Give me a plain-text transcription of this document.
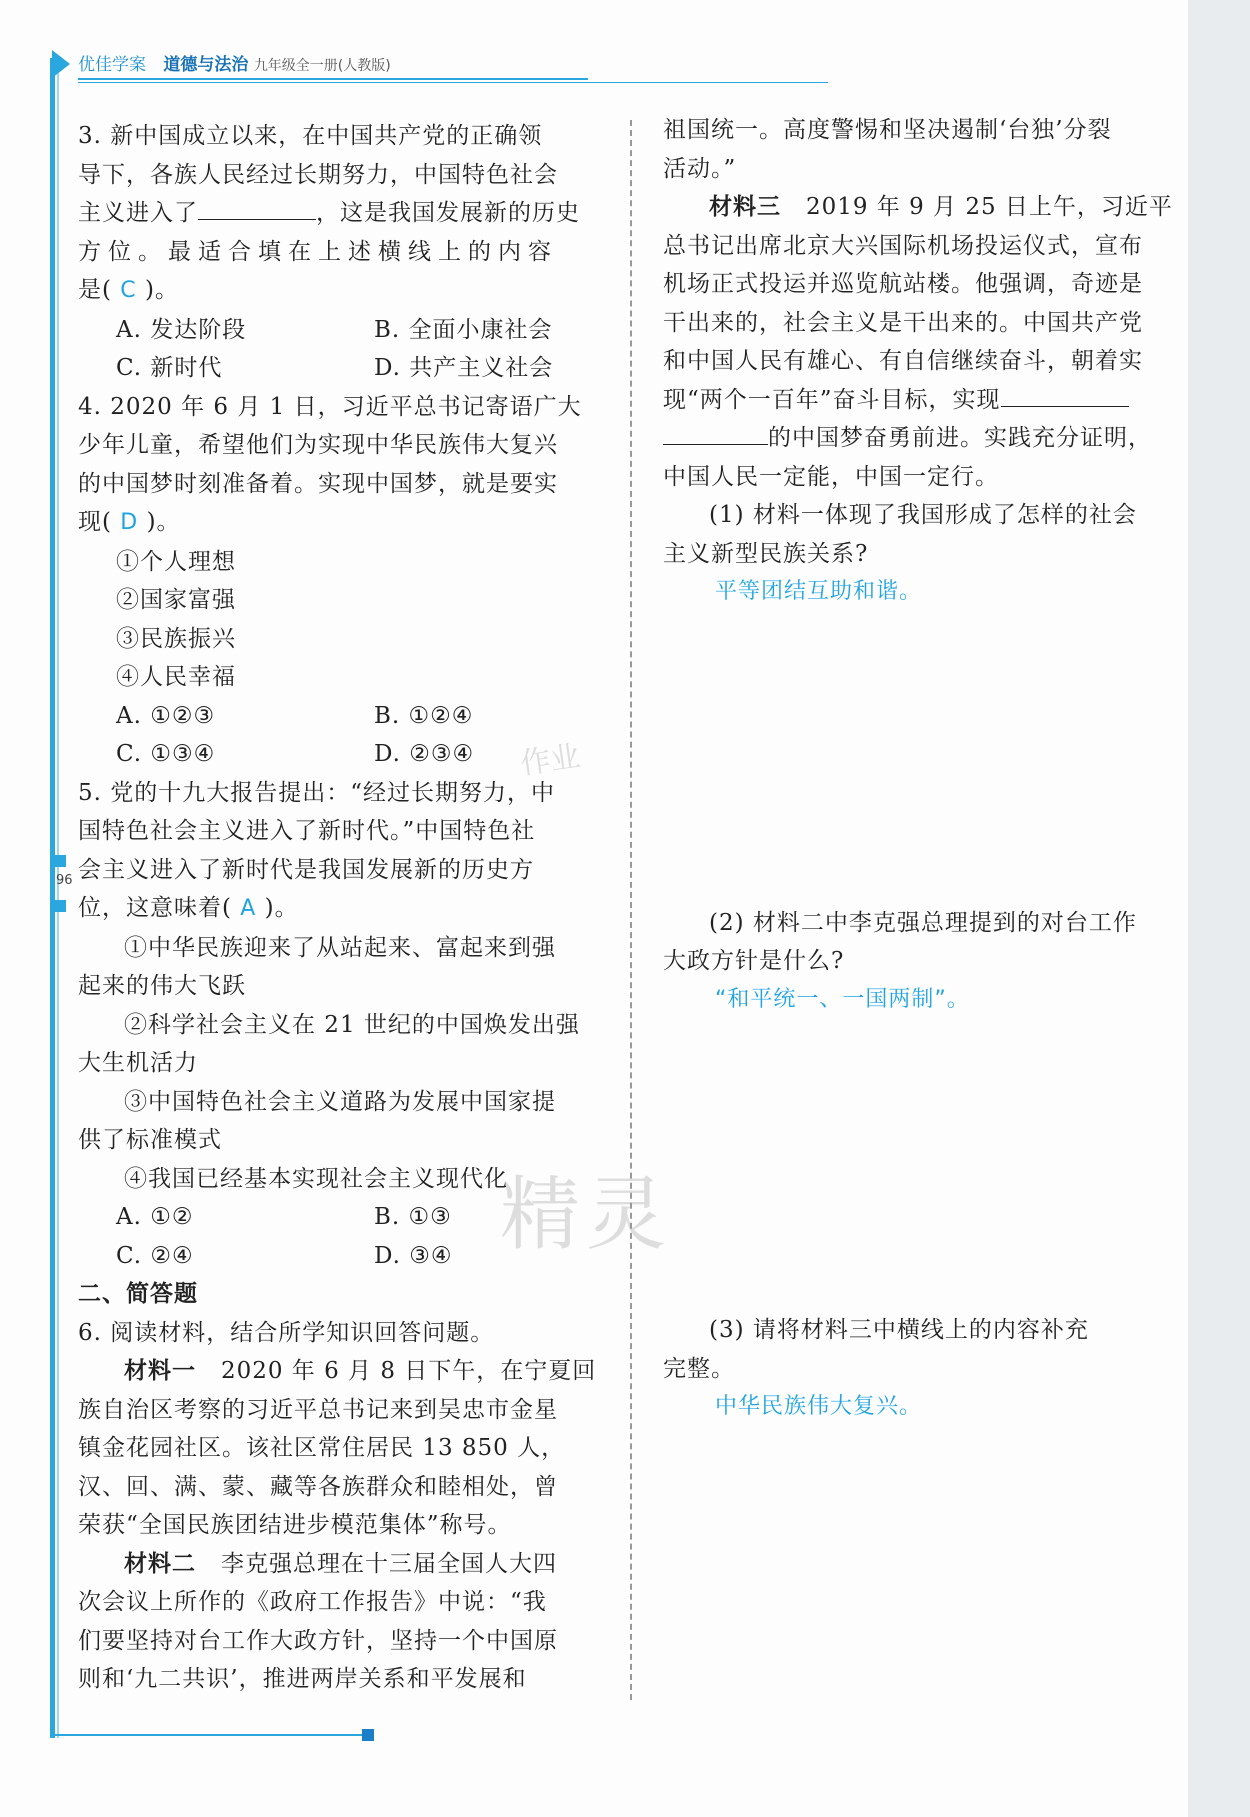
优佳学案 道德与法治 九年级全一册(人教版)
96

3. 新中国成立以来，在中国共产党的正确领

导下，各族人民经过长期努力，中国特色社会

主义进入了	，这是我国发展新的历史

方位。最适合填在上述横线上的内容

是( C )。

A. 发达阶段	B. 全面小康社会

C. 新时代	D. 共产主义社会

4. 2020 年 6 月 1 日，习近平总书记寄语广大

少年儿童，希望他们为实现中华民族伟大复兴

的中国梦时刻准备着。实现中国梦，就是要实

现( D )。

①个人理想

②国家富强

③民族振兴

④人民幸福

A. ①②③	B. ①②④

C. ①③④	D. ②③④

5. 党的十九大报告提出：“经过长期努力，中

国特色社会主义进入了新时代。”中国特色社

会主义进入了新时代是我国发展新的历史方

位，这意味着( A )。

①中华民族迎来了从站起来、富起来到强

起来的伟大飞跃

②科学社会主义在 21 世纪的中国焕发出强

大生机活力

③中国特色社会主义道路为发展中国家提

供了标准模式

④我国已经基本实现社会主义现代化

A. ①②	B. ①③

C. ②④	D. ③④

二、简答题

6. 阅读材料，结合所学知识回答问题。

材料一 2020 年 6 月 8 日下午，在宁夏回

族自治区考察的习近平总书记来到吴忠市金星

镇金花园社区。该社区常住居民 13 850 人，

汉、回、满、蒙、藏等各族群众和睦相处，曾

荣获“全国民族团结进步模范集体”称号。

材料二 李克强总理在十三届全国人大四

次会议上所作的《政府工作报告》中说：“我

们要坚持对台工作大政方针，坚持一个中国原

则和‘九二共识’，推进两岸关系和平发展和

祖国统一。高度警惕和坚决遏制‘台独’分裂

活动。”

材料三 2019 年 9 月 25 日上午，习近平

总书记出席北京大兴国际机场投运仪式，宣布

机场正式投运并巡览航站楼。他强调，奇迹是

干出来的，社会主义是干出来的。中国共产党

和中国人民有雄心、有自信继续奋斗，朝着实

现“两个一百年”奋斗目标，实现

的中国梦奋勇前进。实践充分证明，

中国人民一定能，中国一定行。

(1) 材料一体现了我国形成了怎样的社会

主义新型民族关系?

平等团结互助和谐。

(2) 材料二中李克强总理提到的对台工作

大政方针是什么?

“和平统一、一国两制”。

(3) 请将材料三中横线上的内容补充

完整。

中华民族伟大复兴。

作业
精灵
